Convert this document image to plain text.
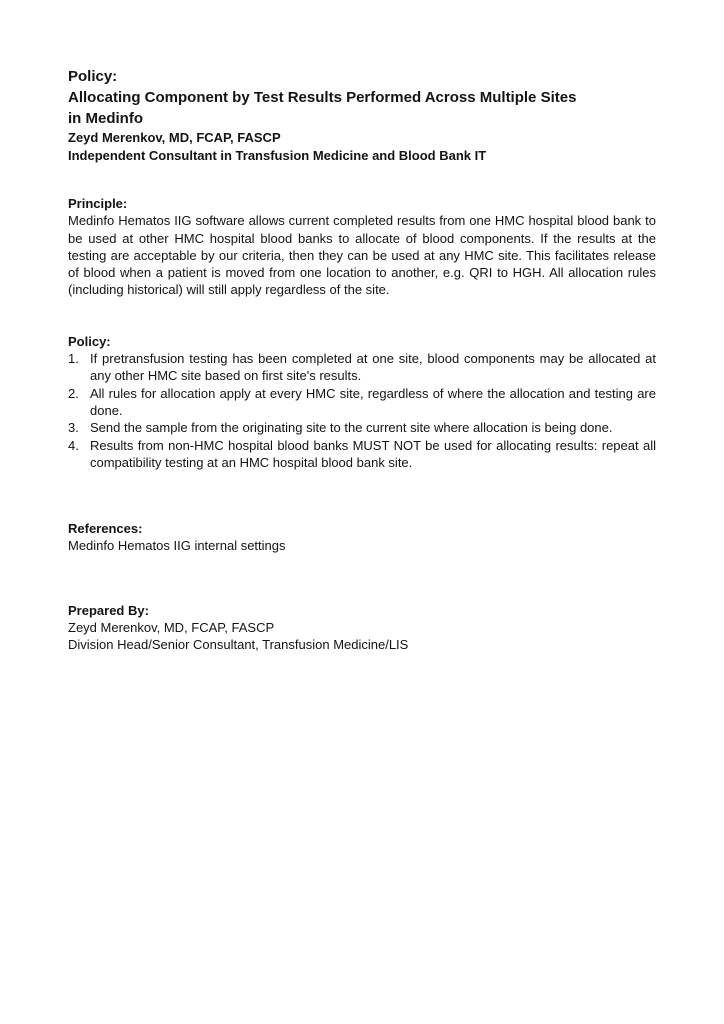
Policy:
Allocating Component by Test Results Performed Across Multiple Sites
in Medinfo
Zeyd Merenkov, MD, FCAP, FASCP
Independent Consultant in Transfusion Medicine and Blood Bank IT
Principle:

Medinfo Hematos IIG software allows current completed results from one HMC hospital blood bank to be used at other HMC hospital blood banks to allocate of blood components. If the results at the testing are acceptable by our criteria, then they can be used at any HMC site. This facilitates release of blood when a patient is moved from one location to another, e.g. QRI to HGH. All allocation rules (including historical) will still apply regardless of the site.

Policy:
1. If pretransfusion testing has been completed at one site, blood components may be allocated at any other HMC site based on first site's results.
2. All rules for allocation apply at every HMC site, regardless of where the allocation and testing are done.
3. Send the sample from the originating site to the current site where allocation is being done.
4. Results from non-HMC hospital blood banks MUST NOT be used for allocating results: repeat all compatibility testing at an HMC hospital blood bank site.
References:

Medinfo Hematos IIG internal settings

Prepared By:

Zeyd Merenkov, MD, FCAP, FASCP

Division Head/Senior Consultant, Transfusion Medicine/LIS
